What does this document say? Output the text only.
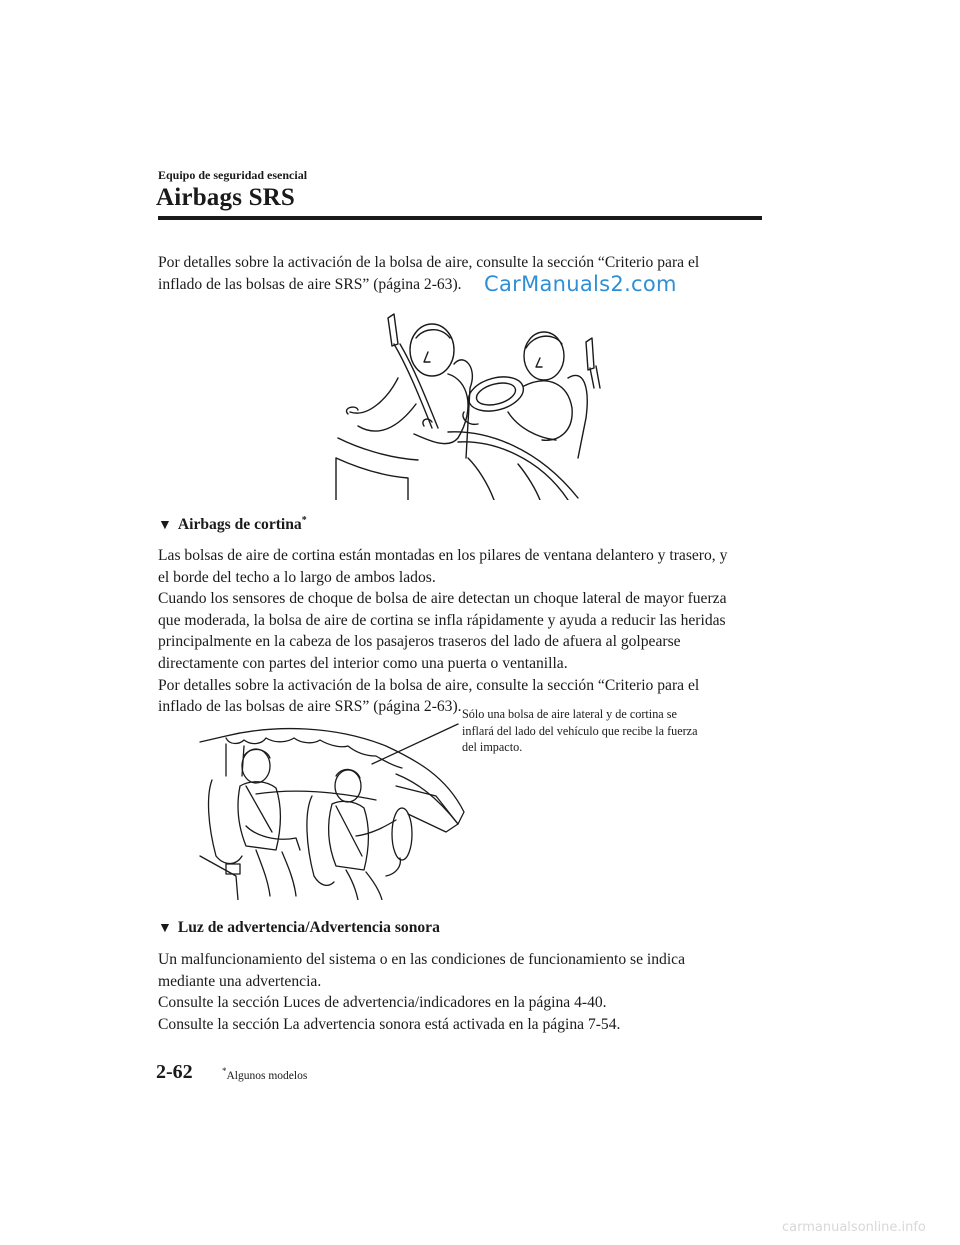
Equipo de seguridad esencial
Airbags SRS

Por detalles sobre la activación de la bolsa de aire, consulte la sección “Criterio para el

inflado de las bolsas de aire SRS” (página 2-63).	CarManuals2.com
▼ Airbags de cortina*

Las bolsas de aire de cortina están montadas en los pilares de ventana delantero y trasero, y

el borde del techo a lo largo de ambos lados.

Cuando los sensores de choque de bolsa de aire detectan un choque lateral de mayor fuerza

que moderada, la bolsa de aire de cortina se infla rápidamente y ayuda a reducir las heridas

principalmente en la cabeza de los pasajeros traseros del lado de afuera al golpearse

directamente con partes del interior como una puerta o ventanilla.

Por detalles sobre la activación de la bolsa de aire, consulte la sección “Criterio para el

inflado de las bolsas de aire SRS” (página 2-63). Sólo una bolsa de aire lateral y de cortina se
inflará del lado del vehículo que recibe la fuerza
del impacto.
▼ Luz de advertencia/Advertencia sonora

Un malfuncionamiento del sistema o en las condiciones de funcionamiento se indica

mediante una advertencia.

Consulte la sección Luces de advertencia/indicadores en la página 4-40.

Consulte la sección La advertencia sonora está activada en la página 7-54.

2-62	*Algunos modelos
carmanualsonline.info
